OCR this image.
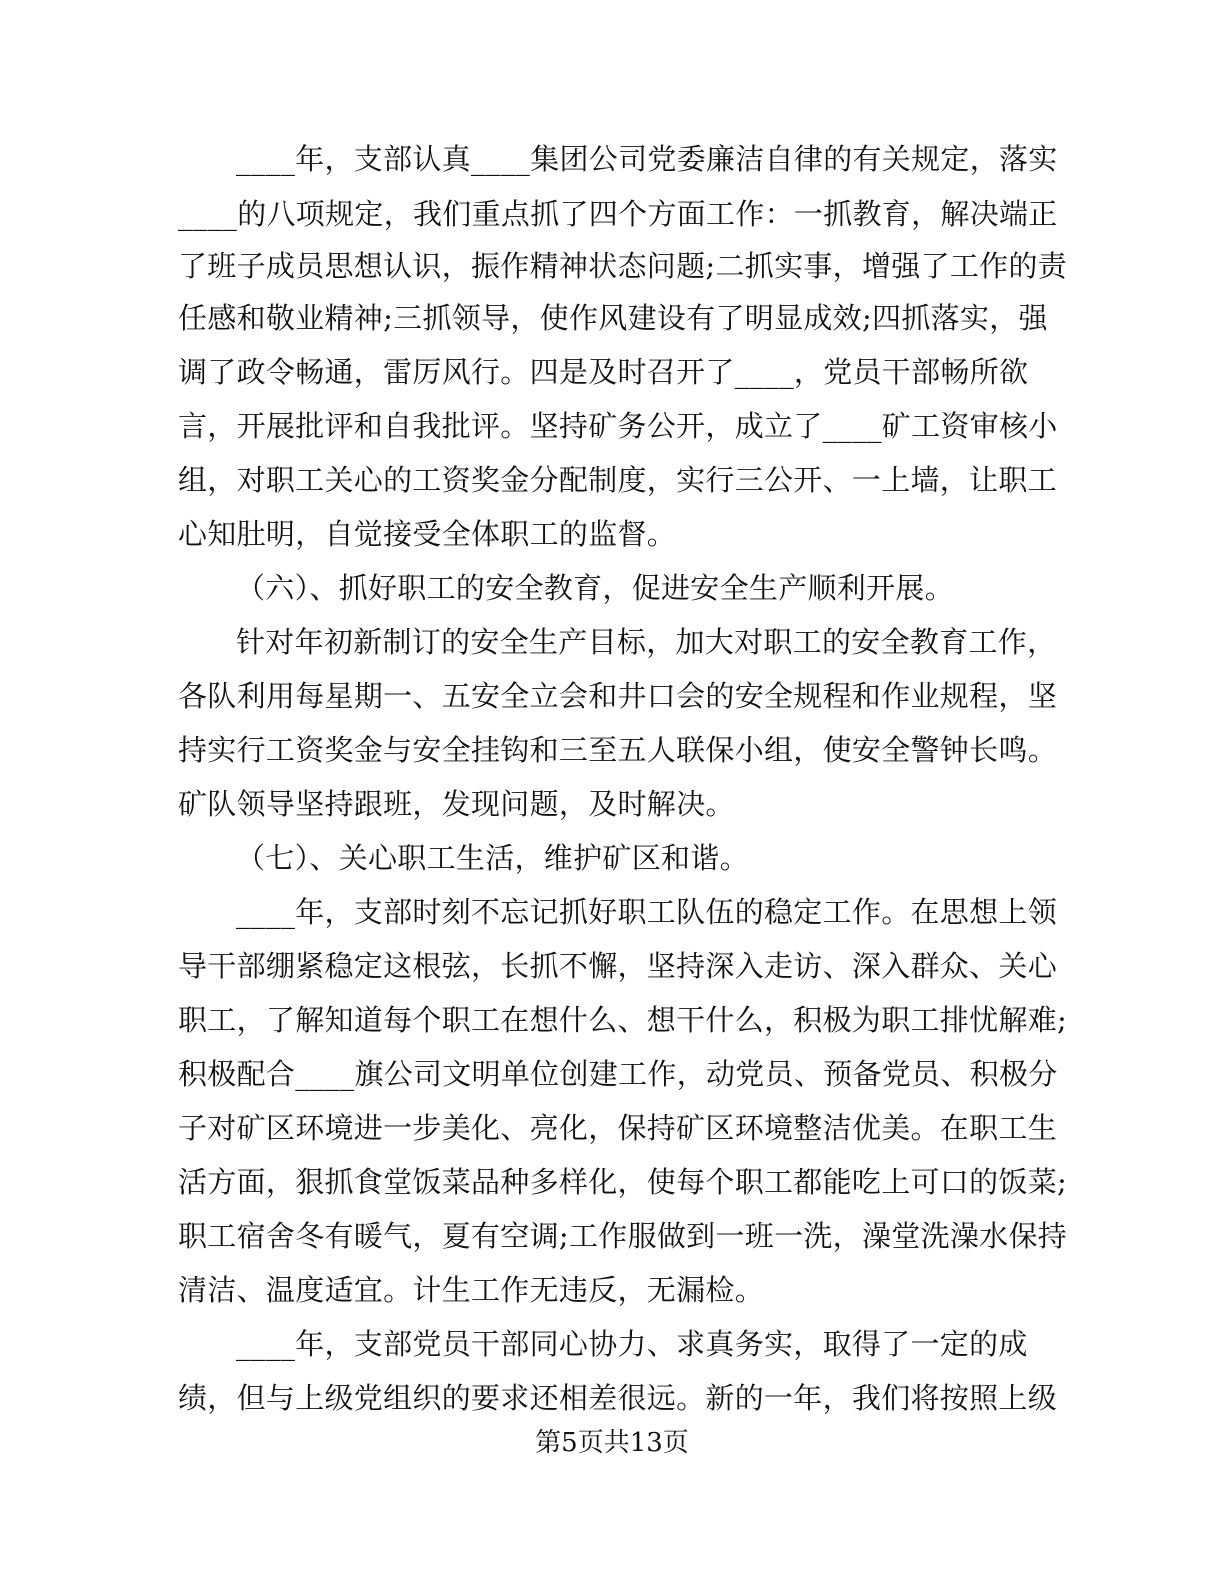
____年，支部认真____集团公司党委廉洁自律的有关规定，落实
____的八项规定，我们重点抓了四个方面工作：一抓教育，解决端正
了班子成员思想认识，振作精神状态问题;二抓实事，增强了工作的责
任感和敬业精神;三抓领导，使作风建设有了明显成效;四抓落实，强
调了政令畅通，雷厉风行。四是及时召开了____，党员干部畅所欲
言，开展批评和自我批评。坚持矿务公开，成立了____矿工资审核小
组，对职工关心的工资奖金分配制度，实行三公开、一上墙，让职工
心知肚明，自觉接受全体职工的监督。
（六）、抓好职工的安全教育，促进安全生产顺利开展。
针对年初新制订的安全生产目标，加大对职工的安全教育工作，
各队利用每星期一、五安全立会和井口会的安全规程和作业规程，坚
持实行工资奖金与安全挂钩和三至五人联保小组，使安全警钟长鸣。
矿队领导坚持跟班，发现问题，及时解决。
（七）、关心职工生活，维护矿区和谐。
____年，支部时刻不忘记抓好职工队伍的稳定工作。在思想上领
导干部绷紧稳定这根弦，长抓不懈，坚持深入走访、深入群众、关心
职工，了解知道每个职工在想什么、想干什么，积极为职工排忧解难;
积极配合____旗公司文明单位创建工作，动党员、预备党员、积极分
子对矿区环境进一步美化、亮化，保持矿区环境整洁优美。在职工生
活方面，狠抓食堂饭菜品种多样化，使每个职工都能吃上可口的饭菜;
职工宿舍冬有暖气，夏有空调;工作服做到一班一洗，澡堂洗澡水保持
清洁、温度适宜。计生工作无违反，无漏检。
____年，支部党员干部同心协力、求真务实，取得了一定的成
绩，但与上级党组织的要求还相差很远。新的一年，我们将按照上级
第5页共13页
